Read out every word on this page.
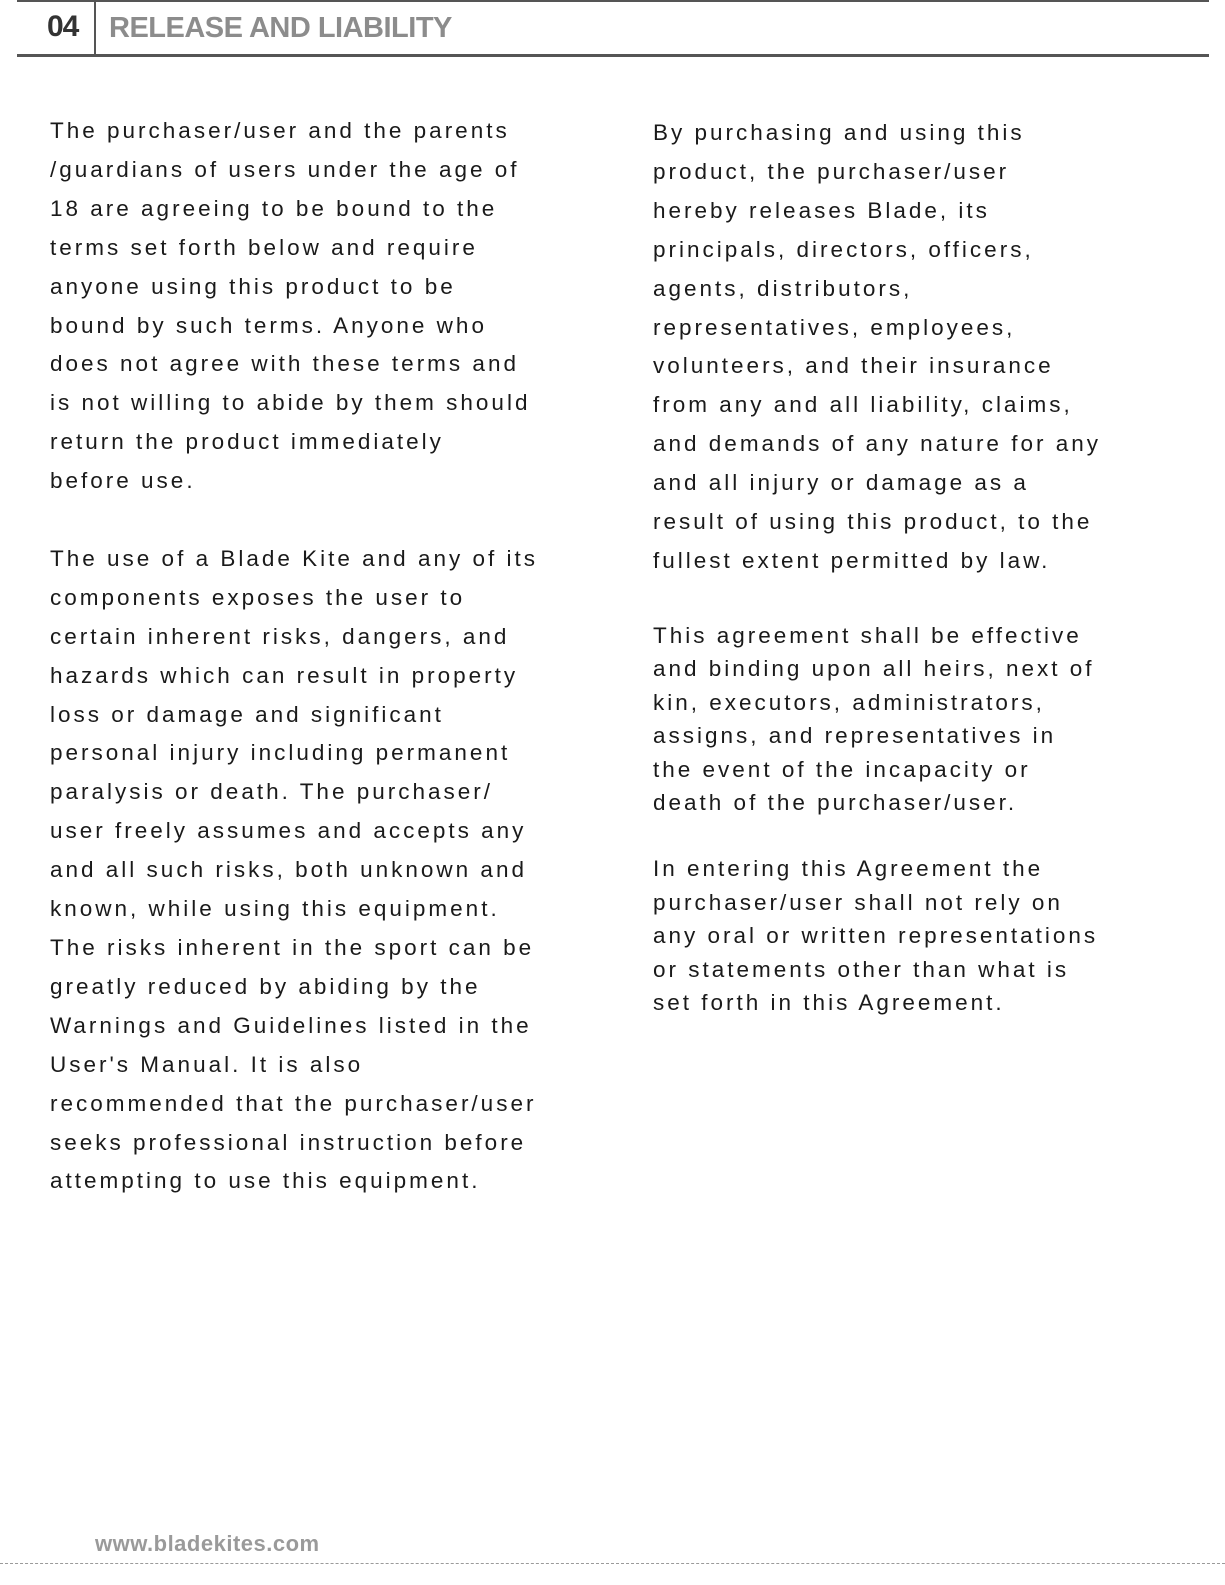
04 RELEASE AND LIABILITY

The purchaser/user and the parents
/guardians of users under the age of
18 are agreeing to be bound to the
terms set forth below and require
anyone using this product to be
bound by such terms. Anyone who
does not agree with these terms and
is not willing to abide by them should
return the product immediately
before use.

The use of a Blade Kite and any of its
components exposes the user to
certain inherent risks, dangers, and
hazards which can result in property
loss or damage and significant
personal injury including permanent
paralysis or death. The purchaser/
user freely assumes and accepts any
and all such risks, both unknown and
known, while using this equipment.
The risks inherent in the sport can be
greatly reduced by abiding by the
Warnings and Guidelines listed in the
User's Manual. It is also
recommended that the purchaser/user
seeks professional instruction before
attempting to use this equipment.

By purchasing and using this
product, the purchaser/user
hereby releases Blade, its
principals, directors, officers,
agents, distributors,
representatives, employees,
volunteers, and their insurance
from any and all liability, claims,
and demands of any nature for any
and all injury or damage as a
result of using this product, to the
fullest extent permitted by law.

This agreement shall be effective
and binding upon all heirs, next of
kin, executors, administrators,
assigns, and representatives in
the event of the incapacity or
death of the purchaser/user.

In entering this Agreement the
purchaser/user shall not rely on
any oral or written representations
or statements other than what is
set forth in this Agreement.

www.bladekites.com
